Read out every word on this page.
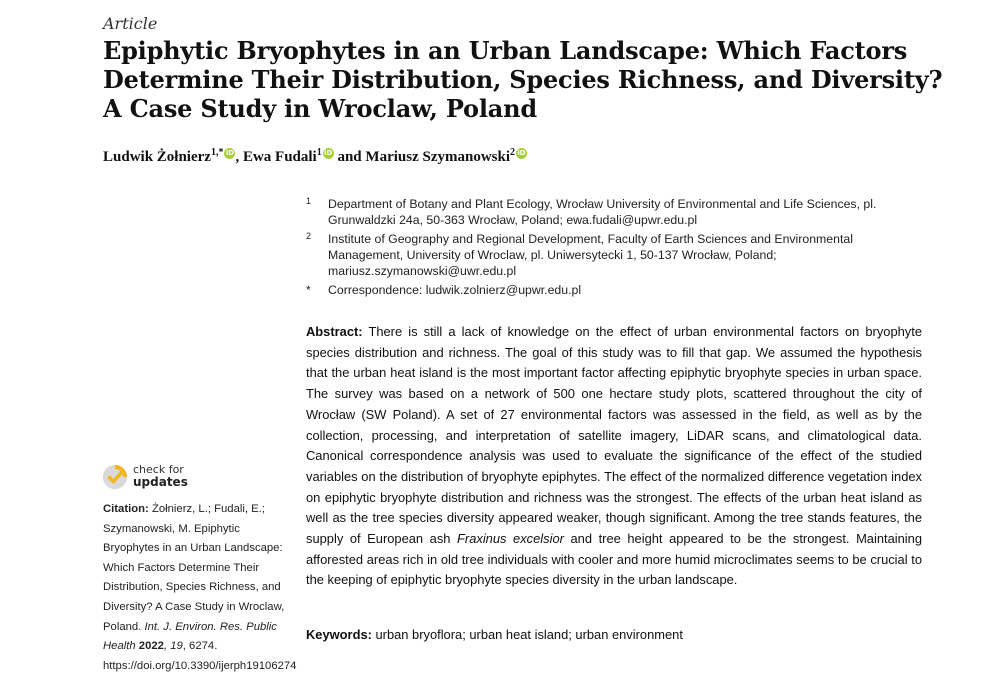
Article
Epiphytic Bryophytes in an Urban Landscape: Which Factors
Determine Their Distribution, Species Richness, and Diversity?
A Case Study in Wroclaw, Poland
Ludwik Żołnierz$^{1,*}$ iD, Ewa Fudali$^1$ iD and Mariusz Szymanowski$^2$ iD
1 Department of Botany and Plant Ecology, Wrocław University of Environmental and Life Sciences, pl. Grunwaldzki 24a, 50-363 Wrocław, Poland; ewa.fudali@upwr.edu.pl
2 Institute of Geography and Regional Development, Faculty of Earth Sciences and Environmental Management, University of Wroclaw, pl. Uniwersytecki 1, 50-137 Wrocław, Poland; mariusz.szymanowski@uwr.edu.pl
* Correspondence: ludwik.zolnierz@upwr.edu.pl
Abstract: There is still a lack of knowledge on the effect of urban environmental factors on bryophyte species distribution and richness. The goal of this study was to fill that gap. We assumed the hypothesis that the urban heat island is the most important factor affecting epiphytic bryophyte species in urban space. The survey was based on a network of 500 one hectare study plots, scattered throughout the city of Wrocław (SW Poland). A set of 27 environmental factors was assessed in the field, as well as by the collection, processing, and interpretation of satellite imagery, LiDAR scans, and climatological data. Canonical correspondence analysis was used to evaluate the significance of the effect of the studied variables on the distribution of bryophyte epiphytes. The effect of the normalized difference vegetation index on epiphytic bryophyte distribution and richness was the strongest. The effects of the urban heat island as well as the tree species diversity appeared weaker, though significant. Among the tree stands features, the supply of European ash Fraxinus excelsior and tree height appeared to be the strongest. Maintaining afforested areas rich in old tree individuals with cooler and more humid microclimates seems to be crucial to the keeping of epiphytic bryophyte species diversity in the urban landscape.
Keywords: urban bryoflora; urban heat island; urban environment
check for
updates
Citation: Żołnierz, L.; Fudali, E.; Szymanowski, M. Epiphytic Bryophytes in an Urban Landscape: Which Factors Determine Their Distribution, Species Richness, and Diversity? A Case Study in Wroclaw, Poland. Int. J. Environ. Res. Public Health 2022, 19, 6274. https://doi.org/10.3390/ijerph19106274
